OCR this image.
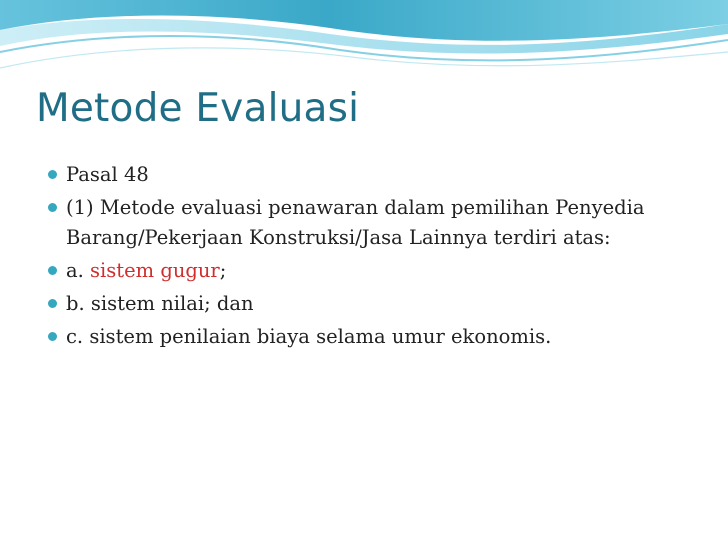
Metode Evaluasi
Pasal 48
(1) Metode evaluasi penawaran dalam pemilihan Penyedia Barang/Pekerjaan Konstruksi/Jasa Lainnya terdiri atas:
a. sistem gugur;
b. sistem nilai; dan
c. sistem penilaian biaya selama umur ekonomis.
